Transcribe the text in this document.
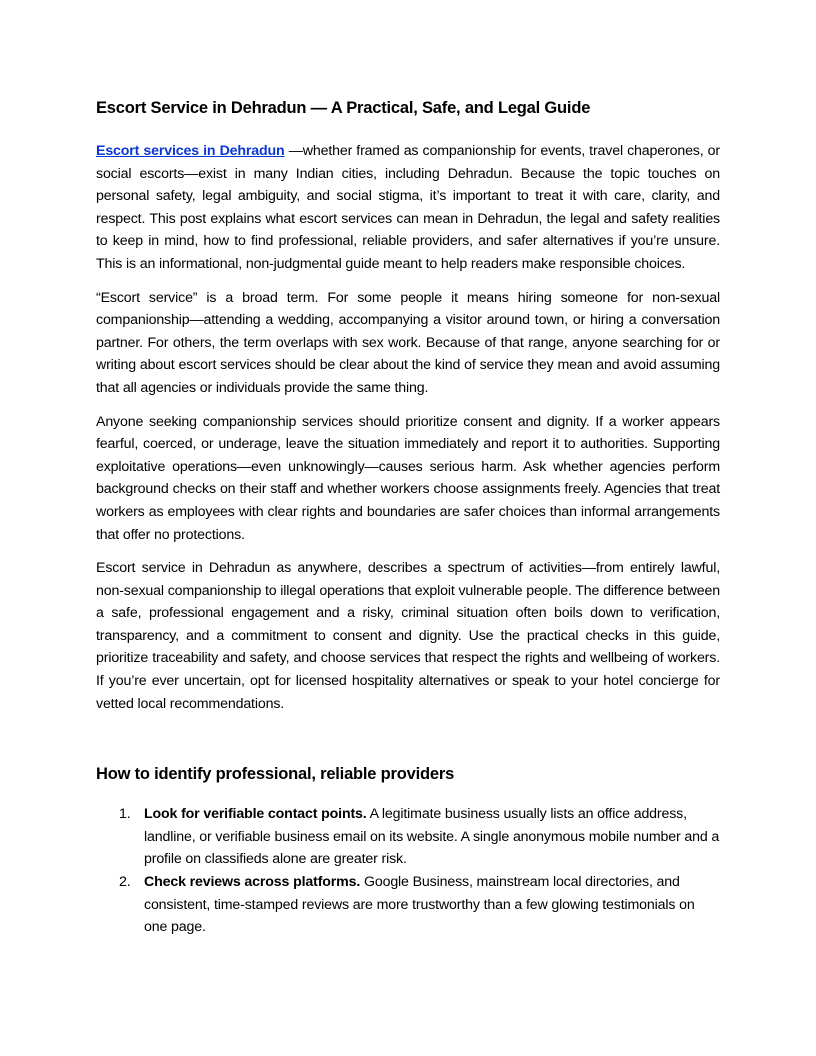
Escort Service in Dehradun — A Practical, Safe, and Legal Guide

Escort services in Dehradun —whether framed as companionship for events, travel chaperones, or social escorts—exist in many Indian cities, including Dehradun. Because the topic touches on personal safety, legal ambiguity, and social stigma, it’s important to treat it with care, clarity, and respect. This post explains what escort services can mean in Dehradun, the legal and safety realities to keep in mind, how to find professional, reliable providers, and safer alternatives if you’re unsure. This is an informational, non-judgmental guide meant to help readers make responsible choices.

“Escort service” is a broad term. For some people it means hiring someone for non-sexual companionship—attending a wedding, accompanying a visitor around town, or hiring a conversation partner. For others, the term overlaps with sex work. Because of that range, anyone searching for or writing about escort services should be clear about the kind of service they mean and avoid assuming that all agencies or individuals provide the same thing.

Anyone seeking companionship services should prioritize consent and dignity. If a worker appears fearful, coerced, or underage, leave the situation immediately and report it to authorities. Supporting exploitative operations—even unknowingly—causes serious harm. Ask whether agencies perform background checks on their staff and whether workers choose assignments freely. Agencies that treat workers as employees with clear rights and boundaries are safer choices than informal arrangements that offer no protections.

Escort service in Dehradun as anywhere, describes a spectrum of activities—from entirely lawful, non-sexual companionship to illegal operations that exploit vulnerable people. The difference between a safe, professional engagement and a risky, criminal situation often boils down to verification, transparency, and a commitment to consent and dignity. Use the practical checks in this guide, prioritize traceability and safety, and choose services that respect the rights and wellbeing of workers. If you’re ever uncertain, opt for licensed hospitality alternatives or speak to your hotel concierge for vetted local recommendations.

How to identify professional, reliable providers
1. Look for verifiable contact points. A legitimate business usually lists an office address, landline, or verifiable business email on its website. A single anonymous mobile number and a profile on classifieds alone are greater risk.
2. Check reviews across platforms. Google Business, mainstream local directories, and consistent, time-stamped reviews are more trustworthy than a few glowing testimonials on one page.
